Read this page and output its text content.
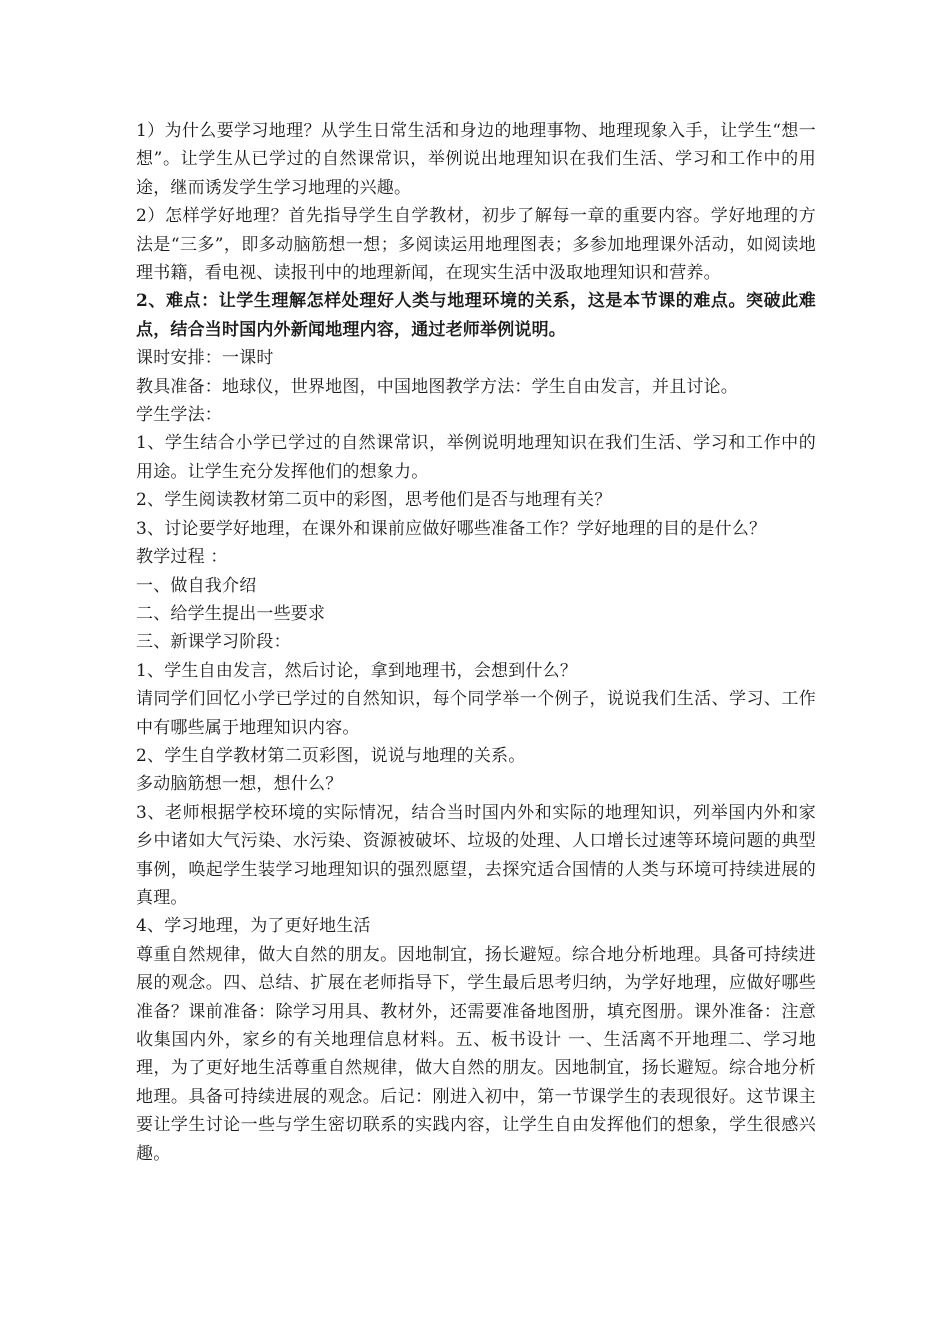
1）为什么要学习地理？从学生日常生活和身边的地理事物、地理现象入手，让学生“想一想”。让学生从已学过的自然课常识，举例说出地理知识在我们生活、学习和工作中的用途，继而诱发学生学习地理的兴趣。

2）怎样学好地理？首先指导学生自学教材，初步了解每一章的重要内容。学好地理的方法是“三多”，即多动脑筋想一想；多阅读运用地理图表；多参加地理课外活动，如阅读地理书籍，看电视、读报刊中的地理新闻，在现实生活中汲取地理知识和营养。

2、难点：让学生理解怎样处理好人类与地理环境的关系，这是本节课的难点。突破此难点，结合当时国内外新闻地理内容，通过老师举例说明。

课时安排：一课时

教具准备：地球仪，世界地图，中国地图教学方法：学生自由发言，并且讨论。

学生学法：

1、学生结合小学已学过的自然课常识，举例说明地理知识在我们生活、学习和工作中的用途。让学生充分发挥他们的想象力。

2、学生阅读教材第二页中的彩图，思考他们是否与地理有关？

3、讨论要学好地理，在课外和课前应做好哪些准备工作？学好地理的目的是什么？

教学过程 ：

一、做自我介绍

二、给学生提出一些要求

三、新课学习阶段：

1、学生自由发言，然后讨论，拿到地理书，会想到什么？

请同学们回忆小学已学过的自然知识，每个同学举一个例子，说说我们生活、学习、工作中有哪些属于地理知识内容。

2、学生自学教材第二页彩图，说说与地理的关系。

多动脑筋想一想，想什么？

3、老师根据学校环境的实际情况，结合当时国内外和实际的地理知识，列举国内外和家乡中诸如大气污染、水污染、资源被破坏、垃圾的处理、人口增长过速等环境问题的典型事例，唤起学生装学习地理知识的强烈愿望，去探究适合国情的人类与环境可持续进展的真理。

4、学习地理，为了更好地生活

尊重自然规律，做大自然的朋友。因地制宜，扬长避短。综合地分析地理。具备可持续进展的观念。四、总结、扩展在老师指导下，学生最后思考归纳，为学好地理，应做好哪些准备？课前准备：除学习用具、教材外，还需要准备地图册，填充图册。课外准备：注意收集国内外，家乡的有关地理信息材料。五、板书设计 一、生活离不开地理二、学习地理，为了更好地生活尊重自然规律，做大自然的朋友。因地制宜，扬长避短。综合地分析地理。具备可持续进展的观念。后记：刚进入初中，第一节课学生的表现很好。这节课主要让学生讨论一些与学生密切联系的实践内容，让学生自由发挥他们的想象，学生很感兴趣。
